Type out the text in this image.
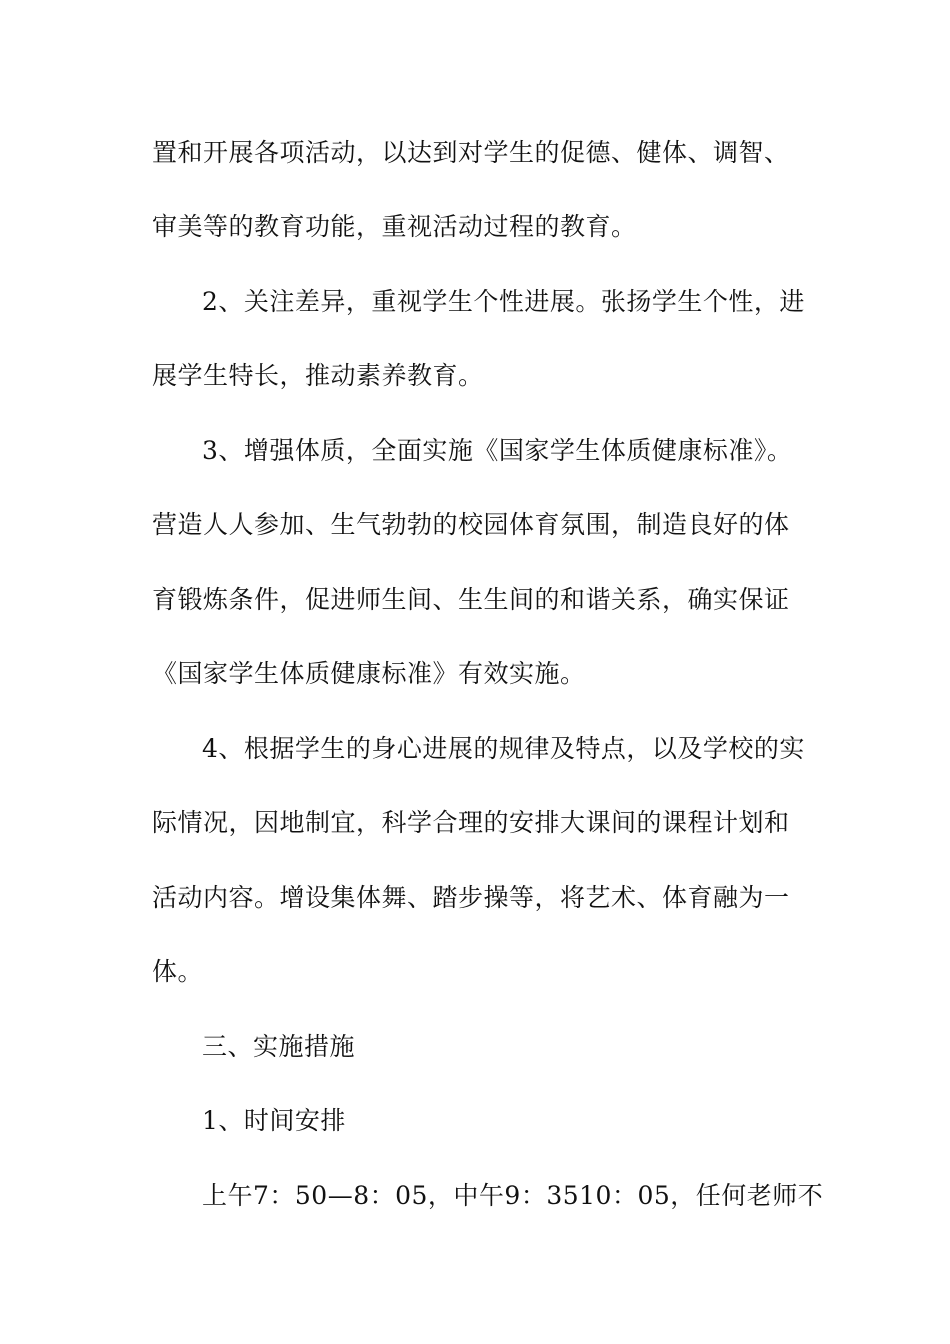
置和开展各项活动，以达到对学生的促德、健体、调智、
审美等的教育功能，重视活动过程的教育。
2、关注差异，重视学生个性进展。张扬学生个性，进
展学生特长，推动素养教育。
3、增强体质，全面实施《国家学生体质健康标准》。
营造人人参加、生气勃勃的校园体育氛围，制造良好的体
育锻炼条件，促进师生间、生生间的和谐关系，确实保证
《国家学生体质健康标准》有效实施。
4、根据学生的身心进展的规律及特点，以及学校的实
际情况，因地制宜，科学合理的安排大课间的课程计划和
活动内容。增设集体舞、踏步操等，将艺术、体育融为一
体。
三、实施措施
1、时间安排
上午7：50—8：05，中午9：3510：05，任何老师不
